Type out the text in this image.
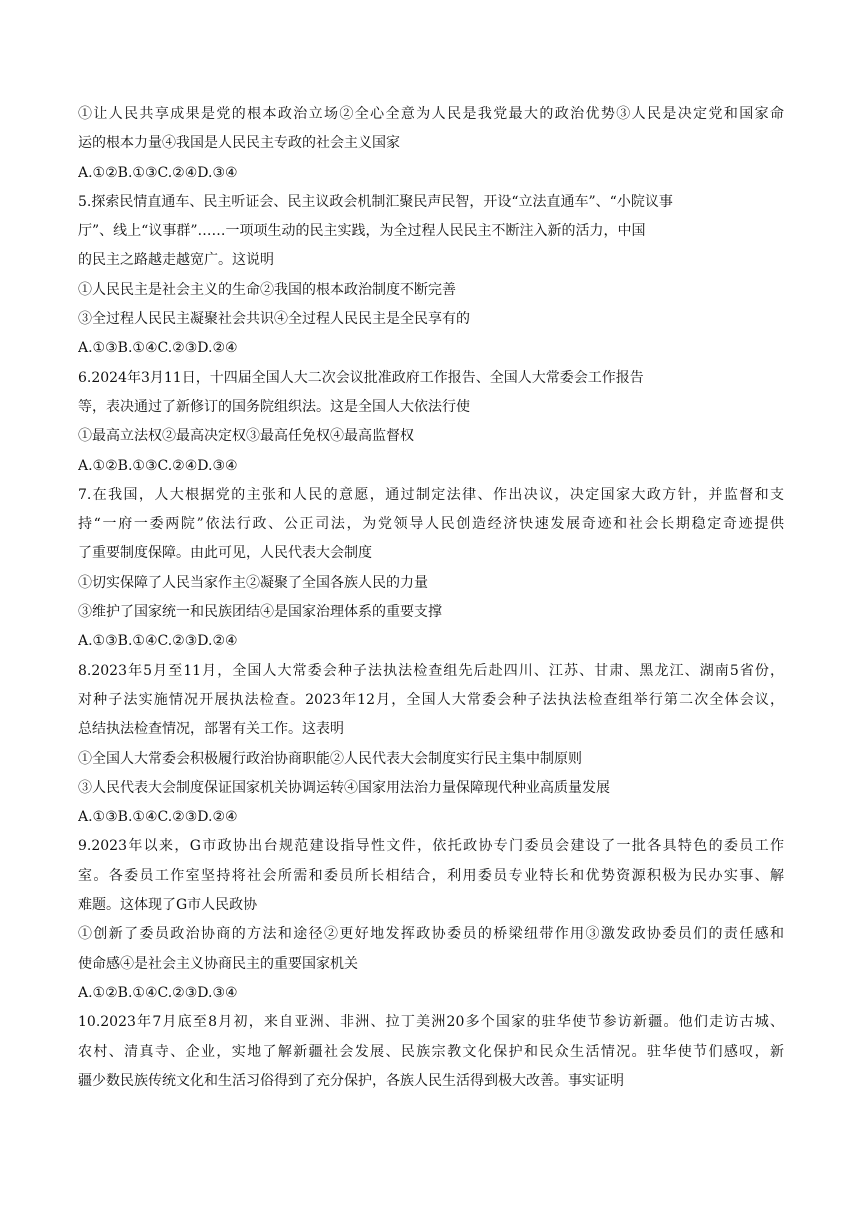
①让人民共享成果是党的根本政治立场②全心全意为人民是我党最大的政治优势③人民是决定党和国家命
运的根本力量④我国是人民民主专政的社会主义国家
A.①②B.①③C.②④D.③④
5.探索民情直通车、民主听证会、民主议政会机制汇聚民声民智，开设“立法直通车”、“小院议事
厅”、线上“议事群”……一项项生动的民主实践，为全过程人民民主不断注入新的活力，中国
的民主之路越走越宽广。这说明
①人民民主是社会主义的生命②我国的根本政治制度不断完善
③全过程人民民主凝聚社会共识④全过程人民民主是全民享有的
A.①③B.①④C.②③D.②④
6.2024年3月11日，十四届全国人大二次会议批准政府工作报告、全国人大常委会工作报告
等，表决通过了新修订的国务院组织法。这是全国人大依法行使
①最高立法权②最高决定权③最高任免权④最高监督权
A.①②B.①③C.②④D.③④
7.在我国，人大根据党的主张和人民的意愿，通过制定法律、作出决议，决定国家大政方针，并监督和支
持“一府一委两院”依法行政、公正司法，为党领导人民创造经济快速发展奇迹和社会长期稳定奇迹提供
了重要制度保障。由此可见，人民代表大会制度
①切实保障了人民当家作主②凝聚了全国各族人民的力量
③维护了国家统一和民族团结④是国家治理体系的重要支撑
A.①③B.①④C.②③D.②④
8.2023年5月至11月，全国人大常委会种子法执法检查组先后赴四川、江苏、甘肃、黑龙江、湖南5省份，
对种子法实施情况开展执法检查。2023年12月，全国人大常委会种子法执法检查组举行第二次全体会议，
总结执法检查情况，部署有关工作。这表明
①全国人大常委会积极履行政治协商职能②人民代表大会制度实行民主集中制原则
③人民代表大会制度保证国家机关协调运转④国家用法治力量保障现代种业高质量发展
A.①③B.①④C.②③D.②④
9.2023年以来，G市政协出台规范建设指导性文件，依托政协专门委员会建设了一批各具特色的委员工作
室。各委员工作室坚持将社会所需和委员所长相结合，利用委员专业特长和优势资源积极为民办实事、解
难题。这体现了G市人民政协
①创新了委员政治协商的方法和途径②更好地发挥政协委员的桥梁纽带作用③激发政协委员们的责任感和
使命感④是社会主义协商民主的重要国家机关
A.①②B.①④C.②③D.③④
10.2023年7月底至8月初，来自亚洲、非洲、拉丁美洲20多个国家的驻华使节参访新疆。他们走访古城、
农村、清真寺、企业，实地了解新疆社会发展、民族宗教文化保护和民众生活情况。驻华使节们感叹，新
疆少数民族传统文化和生活习俗得到了充分保护，各族人民生活得到极大改善。事实证明
